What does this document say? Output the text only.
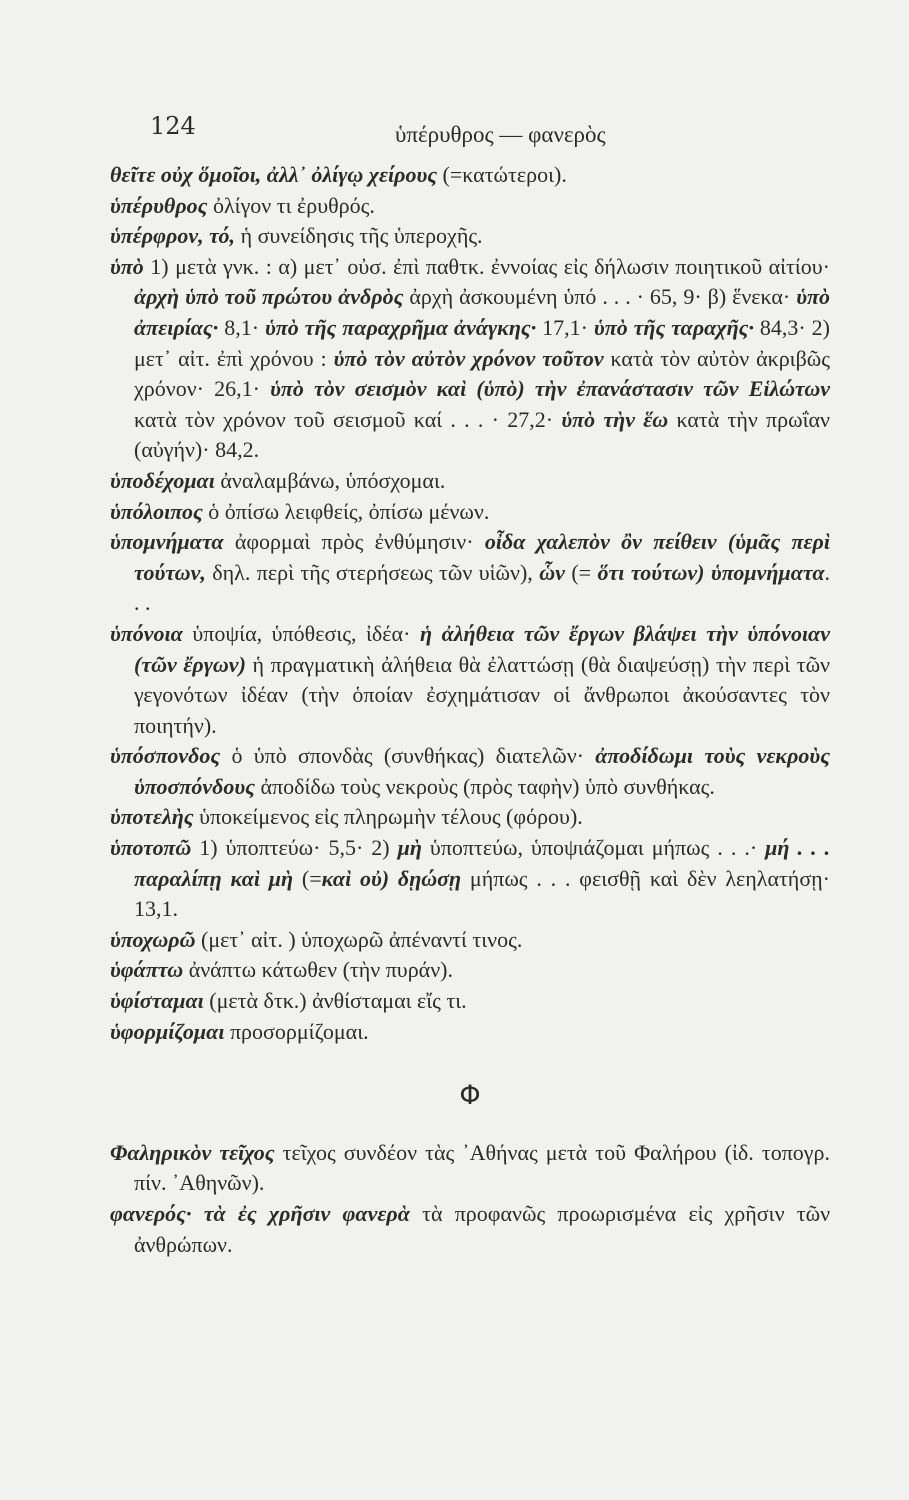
124	ὑπέρυθρος — φανερὸς

θεῖτε οὐχ ὅμοῖοι, ἀλλ᾽ ὀλίγῳ χείρους (=κατώτεροι).

ὑπέρυθρος ὀλίγον τι ἐρυθρός.

ὑπέρφρον, τό, ἡ συνείδησις τῆς ὑπεροχῆς.

ὑπὸ 1) μετὰ γνκ. : α) μετ᾽ οὐσ. ἐπὶ παθτκ. ἐννοίας εἰς δήλωσιν ποιητικοῦ αἰτίου· ἀρχὴ ὑπὸ τοῦ πρώτου ἀνδρὸς ἀρχὴ ἀσκουμένη ὑπό . . . · 65, 9· β) ἕνεκα· ὑπὸ ἀπειρίας· 8,1· ὑπὸ τῆς παραχρῆμα ἀνάγκης· 17,1· ὑπὸ τῆς ταραχῆς· 84,3· 2) μετ᾽ αἰτ. ἐπὶ χρόνου : ὑπὸ τὸν αὐτὸν χρόνον τοῦτον κατὰ τὸν αὐτὸν ἀκριβῶς χρόνον· 26,1· ὑπὸ τὸν σεισμὸν καὶ (ὑπὸ) τὴν ἐπανάστασιν τῶν Εἱλώτων κατὰ τὸν χρόνον τοῦ σεισμοῦ καί . . . · 27,2· ὑπὸ τὴν ἕω κατὰ τὴν πρωΐαν (αὐγήν)· 84,2.

ὑποδέχομαι ἀναλαμβάνω, ὑπόσχομαι.

ὑπόλοιπος ὁ ὀπίσω λειφθείς, ὀπίσω μένων.

ὑπομνήματα ἀφορμαὶ πρὸς ἐνθύμησιν· οἶδα χαλεπὸν ὂν πείθειν (ὑμᾶς περὶ τούτων, δηλ. περὶ τῆς στερήσεως τῶν υἱῶν), ὧν (= ὅτι τούτων) ὑπομνήματα. . .

ὑπόνοια ὑποψία, ὑπόθεσις, ἰδέα· ἡ ἀλήθεια τῶν ἔργων βλάψει τὴν ὑπόνοιαν (τῶν ἔργων) ἡ πραγματικὴ ἀλήθεια θὰ ἐλαττώσῃ (θὰ διαψεύσῃ) τὴν περὶ τῶν γεγονότων ἰδέαν (τὴν ὁποίαν ἐσχημάτισαν οἱ ἄνθρωποι ἀκούσαντες τὸν ποιητήν).

ὑπόσπονδος ὁ ὑπὸ σπονδὰς (συνθήκας) διατελῶν· ἀποδίδωμι τοὺς νεκροὺς ὑποσπόνδους ἀποδίδω τοὺς νεκροὺς (πρὸς ταφὴν) ὑπὸ συνθήκας.

ὑποτελὴς ὑποκείμενος εἰς πληρωμὴν τέλους (φόρου).

ὑποτοπῶ 1) ὑποπτεύω· 5,5· 2) μὴ ὑποπτεύω, ὑποψιάζομαι μήπως . . .· μή . . . παραλίπῃ καὶ μὴ (=καὶ οὐ) δῃώσῃ μήπως . . . φεισθῇ καὶ δὲν λεηλατήσῃ· 13,1.

ὑποχωρῶ (μετ᾽ αἰτ. ) ὑποχωρῶ ἀπέναντί τινος.

ὑφάπτω ἀνάπτω κάτωθεν (τὴν πυράν).

ὑφίσταμαι (μετὰ δτκ.) ἀνθίσταμαι εἴς τι.

ὑφορμίζομαι προσορμίζομαι.

Φ

Φαληρικὸν τεῖχος τεῖχος συνδέον τὰς ᾽Αθήνας μετὰ τοῦ Φαλήρου (ἰδ. τοπογρ. πίν. ᾽Αθηνῶν).

φανερός· τὰ ἐς χρῆσιν φανερὰ τὰ προφανῶς προωρισμένα εἰς χρῆσιν τῶν ἀνθρώπων.
